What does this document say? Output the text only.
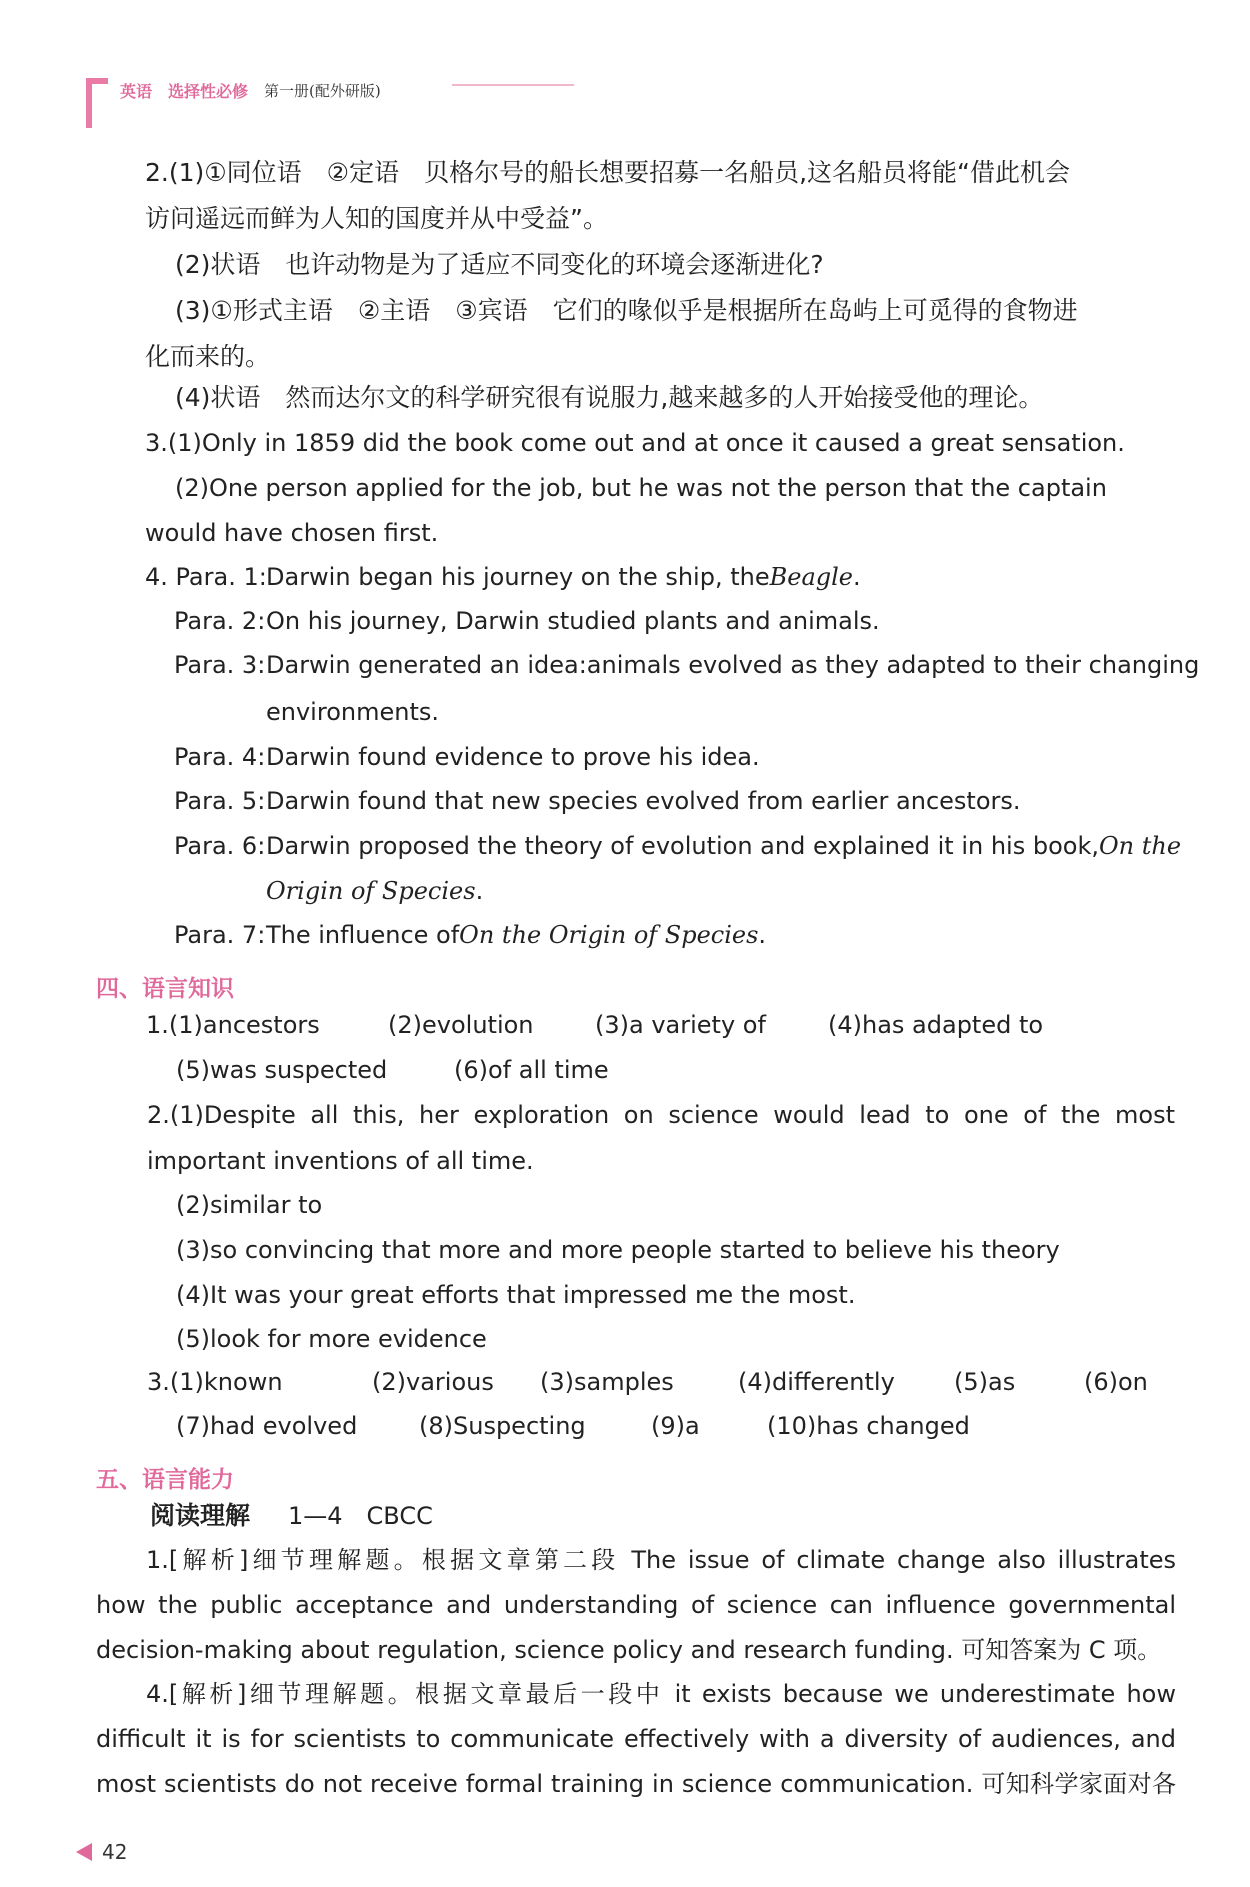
英语 选择性必修 第一册(配外研版)
2.(1)①同位语　②定语　贝格尔号的船长想要招募一名船员,这名船员将能“借此机会
访问遥远而鲜为人知的国度并从中受益”。
(2)状语　也许动物是为了适应不同变化的环境会逐渐进化?
(3)①形式主语　②主语　③宾语　它们的喙似乎是根据所在岛屿上可觅得的食物进
化而来的。
(4)状语　然而达尔文的科学研究很有说服力,越来越多的人开始接受他的理论。
3.(1)Only in 1859 did the book come out and at once it caused a great sensation.
(2)One person applied for the job, but he was not the person that the captain
would have chosen first.
4. Para. 1: Darwin began his journey on the ship, the Beagle .
Para. 2: On his journey, Darwin studied plants and animals.
Para. 3: Darwin generated an idea:animals evolved as they adapted to their changing
environments.
Para. 4: Darwin found evidence to prove his idea.
Para. 5: Darwin found that new species evolved from earlier ancestors.
Para. 6: Darwin proposed the theory of evolution and explained it in his book, On the
Origin of Species .
Para. 7: The influence of On the Origin of Species .
四、语言知识
1.(1)ancestors	(2)evolution	(3)a variety of	(4)has adapted to
(5)was suspected	(6)of all time
2.(1)Despite all this, her exploration on science would lead to one of the most
important inventions of all time.
(2)similar to
(3)so convincing that more and more people started to believe his theory
(4)It was your great efforts that impressed me the most.
(5)look for more evidence
3.(1)known	(2)various	(3)samples	(4)differently	(5)as	(6)on
(7)had evolved	(8)Suspecting	(9)a	(10)has changed
五、语言能力
阅读理解	1—4　CBCC
1.[解析]细节理解题。根据文章第二段 The issue of climate change also illustrates
how the public acceptance and understanding of science can influence governmental
decision-making about regulation, science policy and research funding. 可知答案为 C 项。
4.[解析]细节理解题。根据文章最后一段中 it exists because we underestimate how
difficult it is for scientists to communicate effectively with a diversity of audiences, and
most scientists do not receive formal training in science communication. 可知科学家面对各
42
